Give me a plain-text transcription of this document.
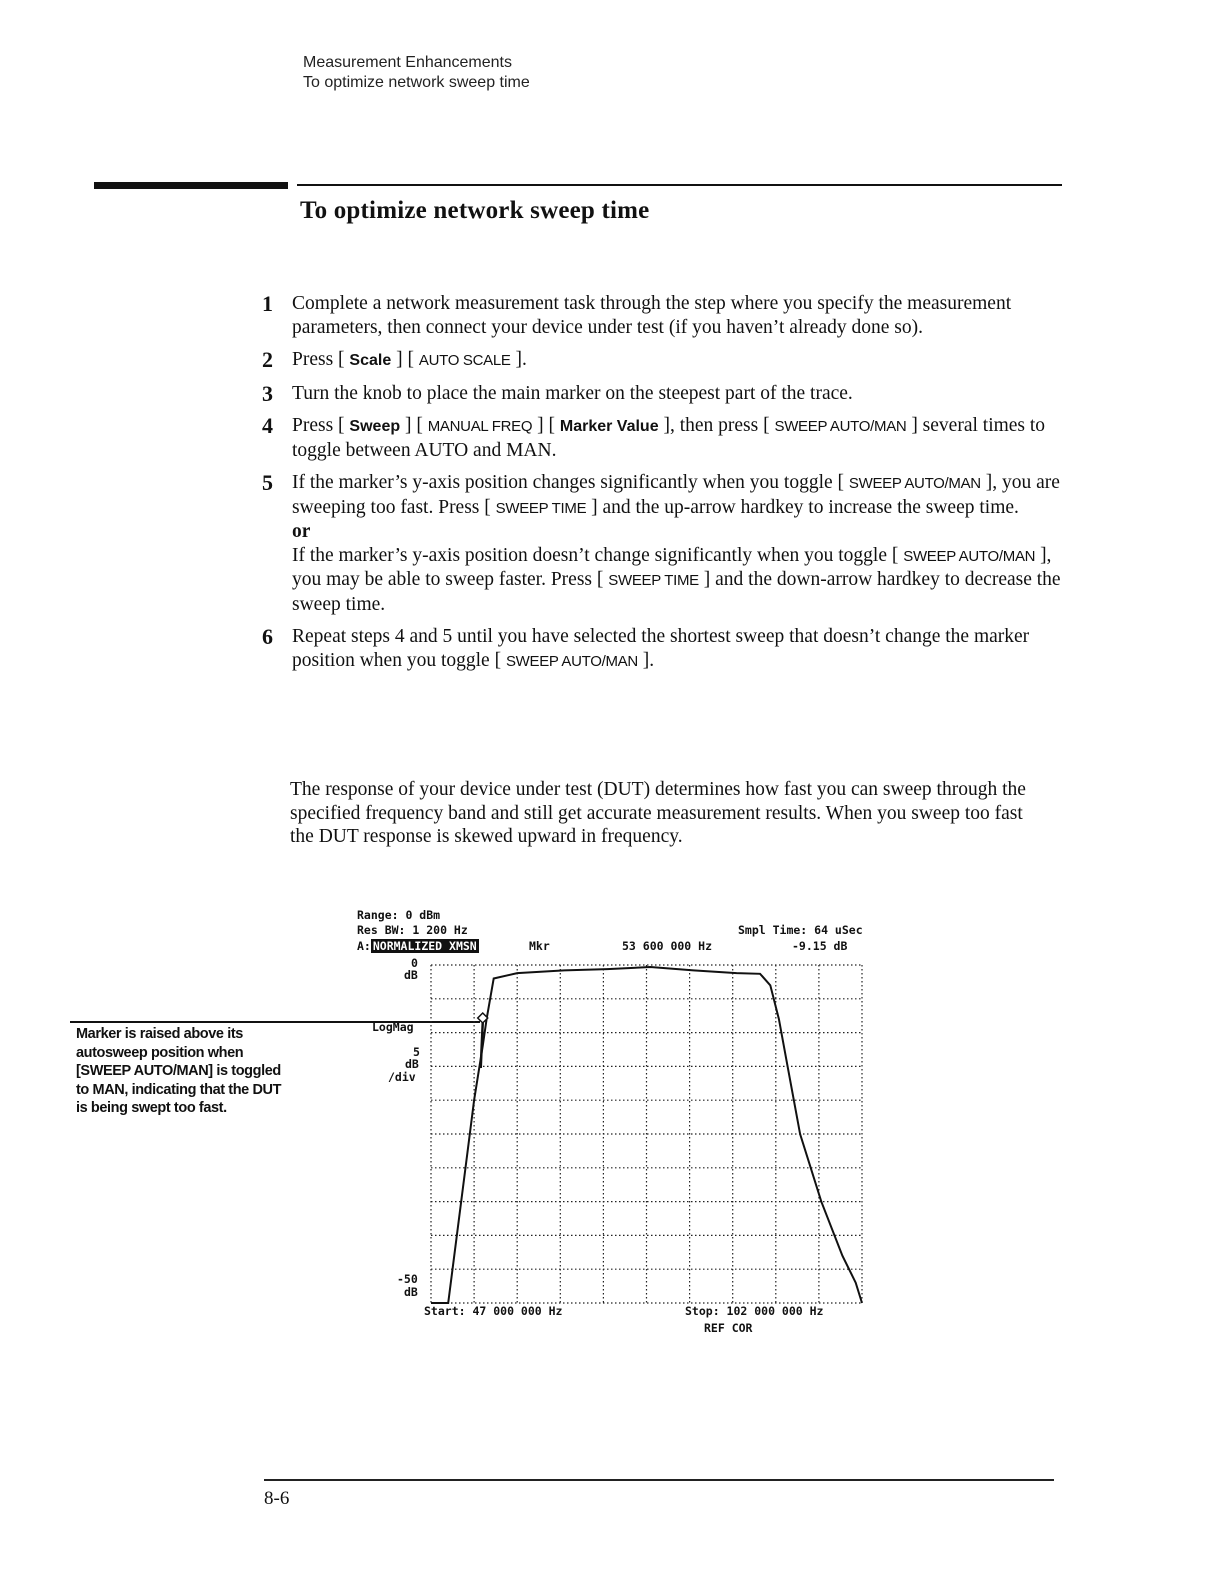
Measurement Enhancements
To optimize network sweep time
To optimize network sweep time
1 Complete a network measurement task through the step where you specify the measurement parameters, then connect your device under test (if you haven’t already done so).
2 Press [ Scale ] [ AUTO SCALE ].
3 Turn the knob to place the main marker on the steepest part of the trace.
4 Press [ Sweep ] [ MANUAL FREQ ] [ Marker Value ], then press [ SWEEP AUTO/MAN ] several times to toggle between AUTO and MAN.
5 If the marker’s y-axis position changes significantly when you toggle [ SWEEP AUTO/MAN ], you are sweeping too fast. Press [ SWEEP TIME ] and the up-arrow hardkey to increase the sweep time.
or
If the marker’s y-axis position doesn’t change significantly when you toggle [ SWEEP AUTO/MAN ], you may be able to sweep faster. Press [ SWEEP TIME ] and the down-arrow hardkey to decrease the sweep time.
6 Repeat steps 4 and 5 until you have selected the shortest sweep that doesn’t change the marker position when you toggle [ SWEEP AUTO/MAN ].
The response of your device under test (DUT) determines how fast you can sweep through the specified frequency band and still get accurate measurement results. When you sweep too fast the DUT response is skewed upward in frequency.
Marker is raised above its autosweep position when [SWEEP AUTO/MAN] is toggled to MAN, indicating that the DUT is being swept too fast.
Range: 0 dBm
Res BW: 1 200 Hz	Smpl Time: 64 uSec
A: NORMALIZED XMSN	Mkr	53 600 000 Hz	-9.15 dB
0
dB
LogMag
5
dB
/div
-50
dB
Start: 47 000 000 Hz	Stop: 102 000 000 Hz
REF COR
8-6
